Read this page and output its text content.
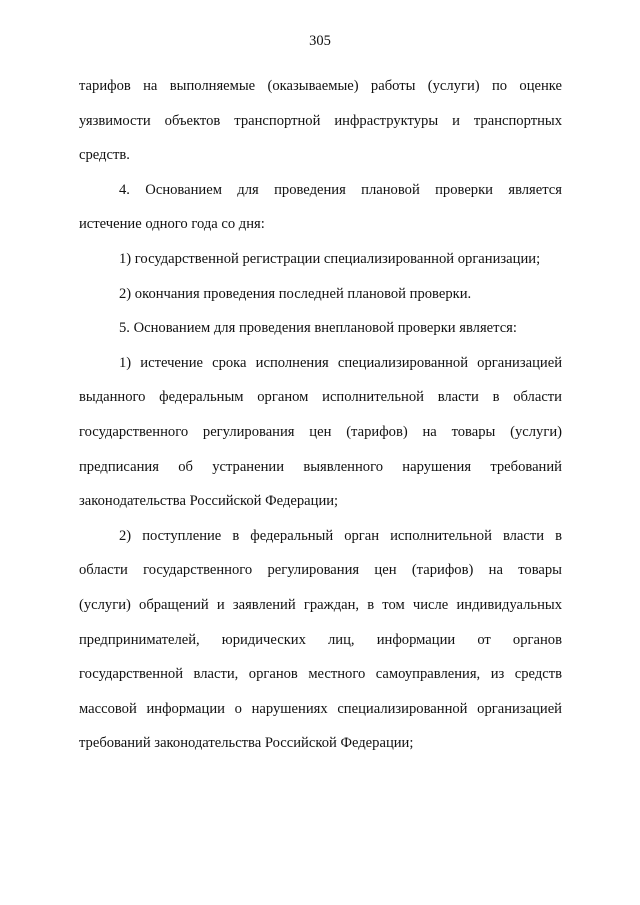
305

тарифов на выполняемые (оказываемые) работы (услуги) по оценке

уязвимости объектов транспортной инфраструктуры и транспортных

средств.

4. Основанием для проведения плановой проверки является

истечение одного года со дня:

1) государственной регистрации специализированной организации;

2) окончания проведения последней плановой проверки.

5. Основанием для проведения внеплановой проверки является:

1) истечение срока исполнения специализированной организацией

выданного федеральным органом исполнительной власти в области

государственного регулирования цен (тарифов) на товары (услуги)

предписания об устранении выявленного нарушения требований

законодательства Российской Федерации;

2) поступление в федеральный орган исполнительной власти в

области государственного регулирования цен (тарифов) на товары

(услуги) обращений и заявлений граждан, в том числе индивидуальных

предпринимателей, юридических лиц, информации от органов

государственной власти, органов местного самоуправления, из средств

массовой информации о нарушениях специализированной организацией

требований законодательства Российской Федерации;
